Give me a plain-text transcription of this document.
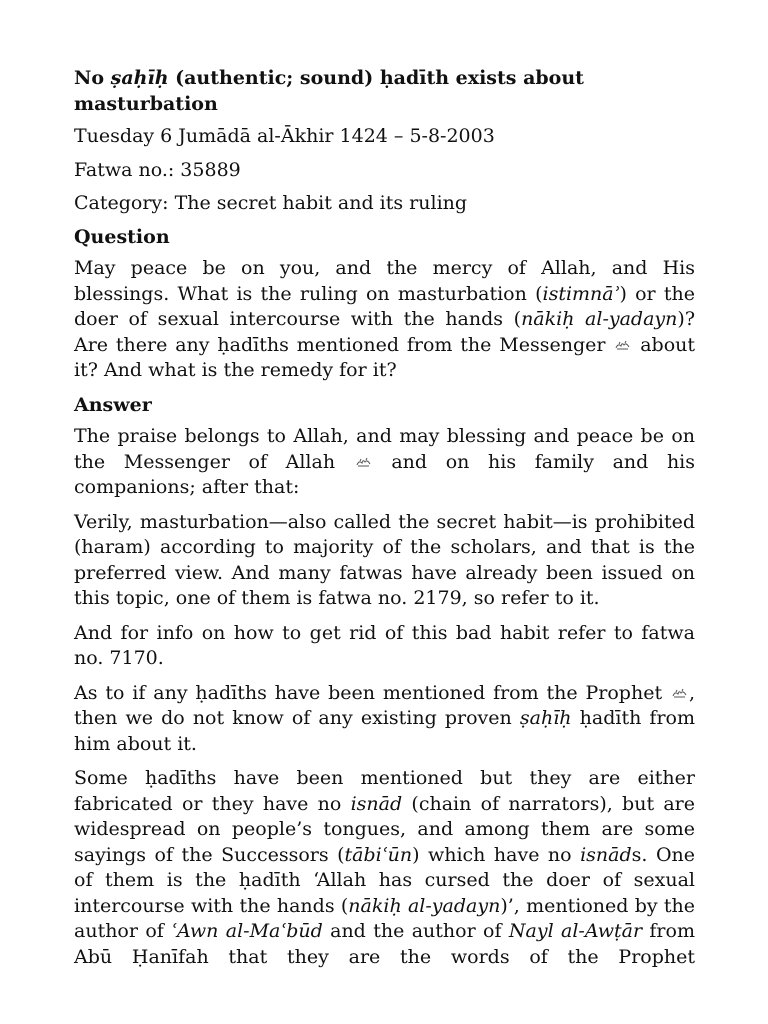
No ṣaḥīḥ (authentic; sound) ḥadīth exists about masturbation

Tuesday 6 Jumādā al-Ākhir 1424 – 5-8-2003

Fatwa no.: 35889

Category: The secret habit and its ruling

Question

May peace be on you, and the mercy of Allah, and His blessings. What is the ruling on masturbation (istimnāʾ) or the doer of sexual intercourse with the hands (nākiḥ al-yadayn)? Are there any ḥadīths mentioned from the Messenger
about it? And what is the remedy for it?

Answer

The praise belongs to Allah, and may blessing and peace be on the Messenger of Allah
and on his family and his companions; after that:

Verily, masturbation—also called the secret habit—is prohibited (haram) according to majority of the scholars, and that is the preferred view. And many fatwas have already been issued on this topic, one of them is fatwa no. 2179, so refer to it.

And for info on how to get rid of this bad habit refer to fatwa no. 7170.

As to if any ḥadīths have been mentioned from the Prophet
, then we do not know of any existing proven ṣaḥīḥ ḥadīth from him about it.

Some ḥadīths have been mentioned but they are either fabricated or they have no isnād (chain of narrators), but are widespread on people’s tongues, and among them are some sayings of the Successors (tābiʿūn) which have no isnāds. One of them is the ḥadīth ‘Allah has cursed the doer of sexual intercourse with the hands (nākiḥ al-yadayn)’, mentioned by the author of ʿAwn al-Maʿbūd and the author of Nayl al-Awṭār from Abū Ḥanīfah that they are the words of the Prophet
